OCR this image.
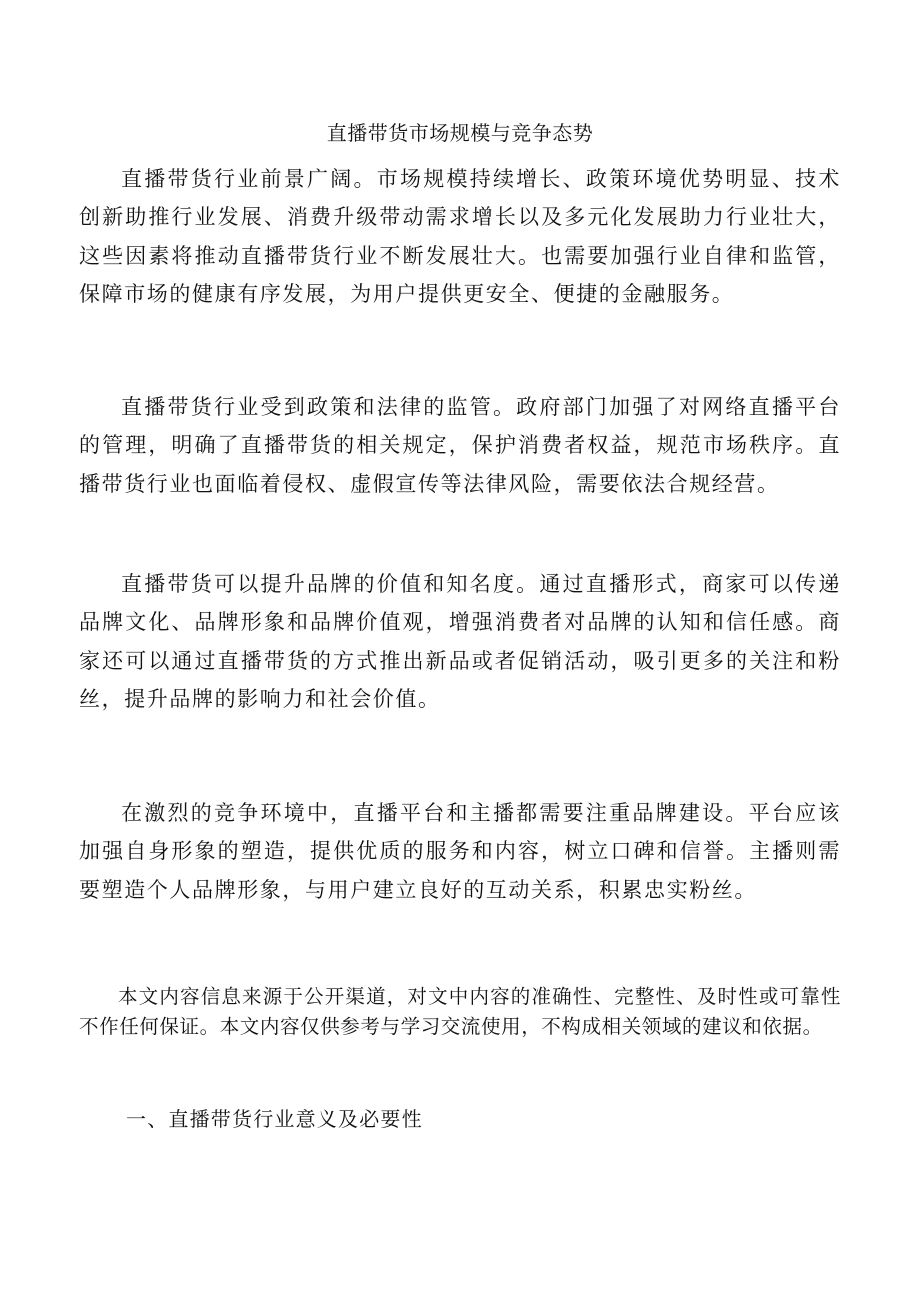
直播带货市场规模与竞争态势

直播带货行业前景广阔。市场规模持续增长、政策环境优势明显、技术创新助推行业发展、消费升级带动需求增长以及多元化发展助力行业壮大，这些因素将推动直播带货行业不断发展壮大。也需要加强行业自律和监管，保障市场的健康有序发展，为用户提供更安全、便捷的金融服务。

直播带货行业受到政策和法律的监管。政府部门加强了对网络直播平台的管理，明确了直播带货的相关规定，保护消费者权益，规范市场秩序。直播带货行业也面临着侵权、虚假宣传等法律风险，需要依法合规经营。

直播带货可以提升品牌的价值和知名度。通过直播形式，商家可以传递品牌文化、品牌形象和品牌价值观，增强消费者对品牌的认知和信任感。商家还可以通过直播带货的方式推出新品或者促销活动，吸引更多的关注和粉丝，提升品牌的影响力和社会价值。

在激烈的竞争环境中，直播平台和主播都需要注重品牌建设。平台应该加强自身形象的塑造，提供优质的服务和内容，树立口碑和信誉。主播则需要塑造个人品牌形象，与用户建立良好的互动关系，积累忠实粉丝。

本文内容信息来源于公开渠道，对文中内容的准确性、完整性、及时性或可靠性不作任何保证。本文内容仅供参考与学习交流使用，不构成相关领域的建议和依据。

一、直播带货行业意义及必要性
